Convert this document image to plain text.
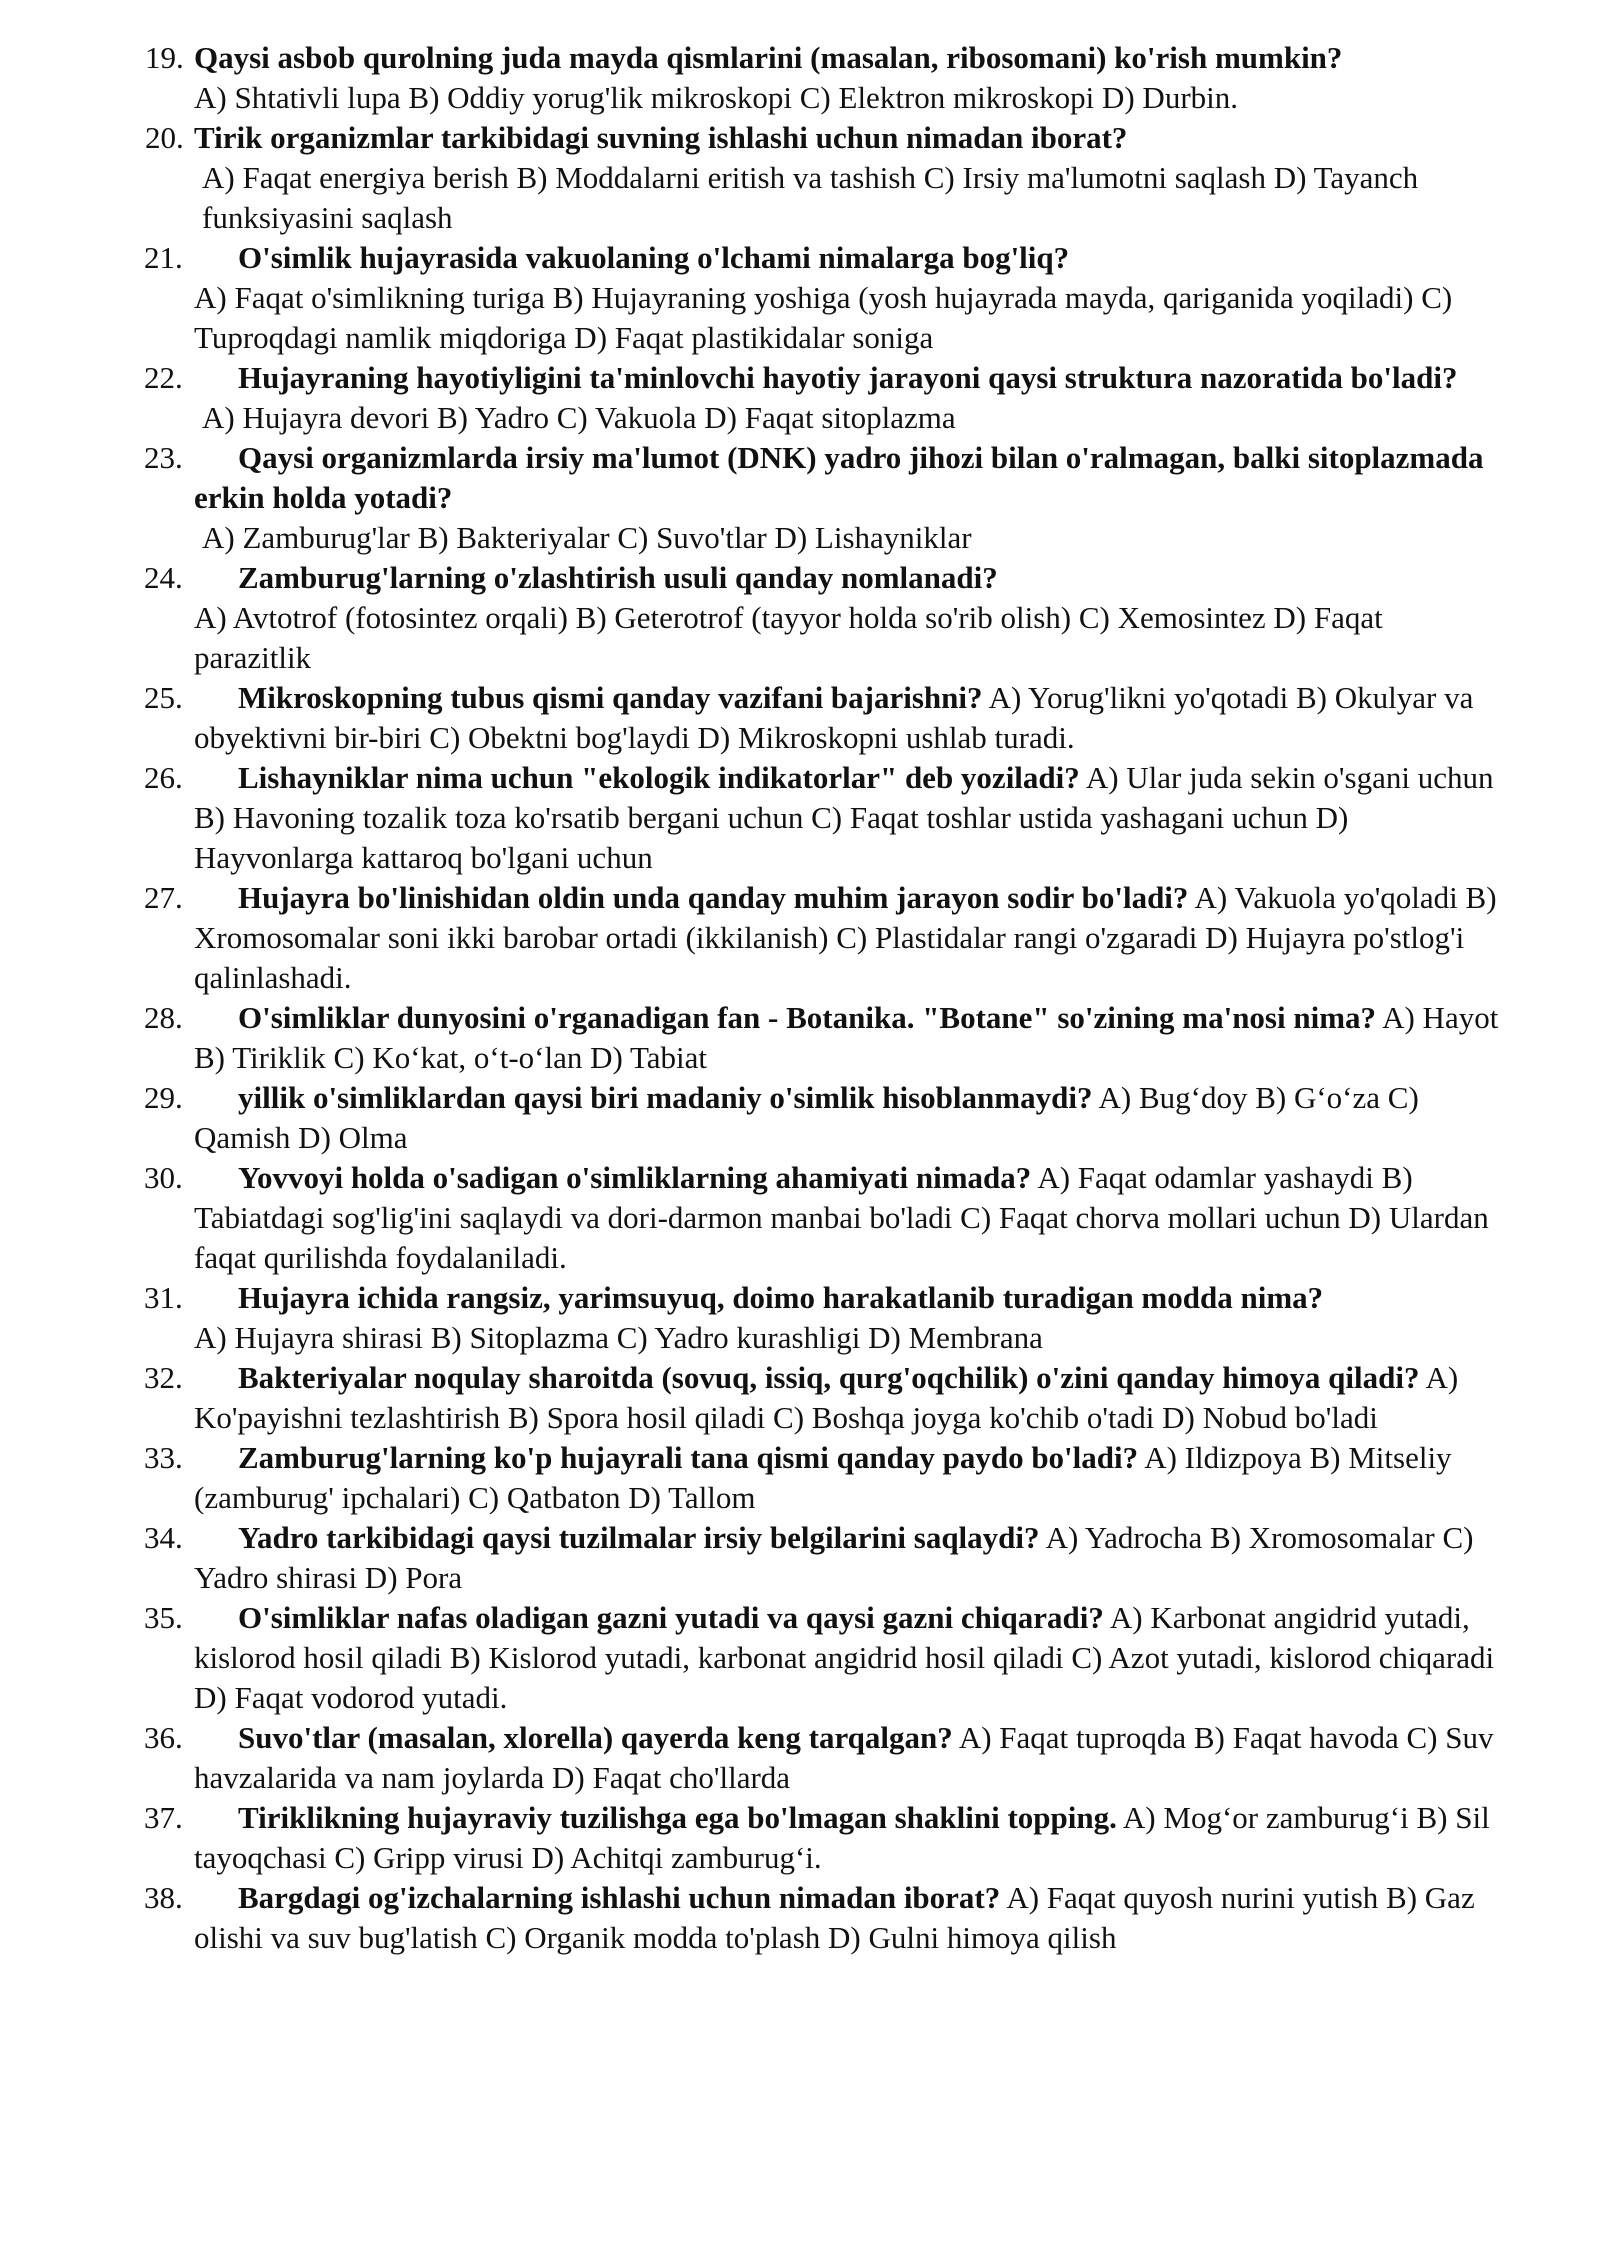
19. Qaysi asbob qurolning juda mayda qismlarini (masalan, ribosomani) ko'rish mumkin?
A) Shtativli lupa B) Oddiy yorug'lik mikroskopi C) Elektron mikroskopi D) Durbin.
20. Tirik organizmlar tarkibidagi suvning ishlashi uchun nimadan iborat?
A) Faqat energiya berish B) Moddalarni eritish va tashish C) Irsiy ma'lumotni saqlash D) Tayanch funksiyasini saqlash
21. O'simlik hujayrasida vakuolaning o'lchami nimalarga bog'liq?
A) Faqat o'simlikning turiga B) Hujayraning yoshiga (yosh hujayrada mayda, qariganida yoqiladi) C) Tuproqdagi namlik miqdoriga D) Faqat plastikidalar soniga
22. Hujayraning hayotiyligini ta'minlovchi hayotiy jarayoni qaysi struktura nazoratida bo'ladi?
A) Hujayra devori B) Yadro C) Vakuola D) Faqat sitoplazma
23. Qaysi organizmlarda irsiy ma'lumot (DNK) yadro jihozi bilan o'ralmagan, balki sitoplazmada erkin holda yotadi?
A) Zamburug'lar B) Bakteriyalar C) Suvo'tlar D) Lishayniklar
24. Zamburug'larning o'zlashtirish usuli qanday nomlanadi?
A) Avtotrof (fotosintez orqali) B) Geterotrof (tayyor holda so'rib olish) C) Xemosintez D) Faqat parazitlik
25. Mikroskopning tubus qismi qanday vazifani bajarishni? A) Yorug'likni yo'qotadi B) Okulyar va obyektivni bir-biri C) Obektni bog'laydi D) Mikroskopni ushlab turadi.
26. Lishayniklar nima uchun "ekologik indikatorlar" deb yoziladi? A) Ular juda sekin o'sgani uchun B) Havoning tozalik toza ko'rsatib bergani uchun C) Faqat toshlar ustida yashagani uchun D) Hayvonlarga kattaroq bo'lgani uchun
27. Hujayra bo'linishidan oldin unda qanday muhim jarayon sodir bo'ladi? A) Vakuola yo'qoladi B) Xromosomalar soni ikki barobar ortadi (ikkilanish) C) Plastidalar rangi o'zgaradi D) Hujayra po'stlog'i qalinlashadi.
28. O'simliklar dunyosini o'rganadigan fan - Botanika. "Botane" so'zining ma'nosi nima? A) Hayot B) Tiriklik C) Ko‘kat, o‘t-o‘lan D) Tabiat
29. yillik o'simliklardan qaysi biri madaniy o'simlik hisoblanmaydi? A) Bug‘doy B) G‘o‘za C) Qamish D) Olma
30. Yovvoyi holda o'sadigan o'simliklarning ahamiyati nimada? A) Faqat odamlar yashaydi B) Tabiatdagi sog'lig'ini saqlaydi va dori-darmon manbai bo'ladi C) Faqat chorva mollari uchun D) Ulardan faqat qurilishda foydalaniladi.
31. Hujayra ichida rangsiz, yarimsuyuq, doimo harakatlanib turadigan modda nima?
A) Hujayra shirasi B) Sitoplazma C) Yadro kurashligi D) Membrana
32. Bakteriyalar noqulay sharoitda (sovuq, issiq, qurg'oqchilik) o'zini qanday himoya qiladi? A) Ko'payishni tezlashtirish B) Spora hosil qiladi C) Boshqa joyga ko'chib o'tadi D) Nobud bo'ladi
33. Zamburug'larning ko'p hujayrali tana qismi qanday paydo bo'ladi? A) Ildizpoya B) Mitseliy (zamburug' ipchalari) C) Qatbaton D) Tallom
34. Yadro tarkibidagi qaysi tuzilmalar irsiy belgilarini saqlaydi? A) Yadrocha B) Xromosomalar C) Yadro shirasi D) Pora
35. O'simliklar nafas oladigan gazni yutadi va qaysi gazni chiqaradi? A) Karbonat angidrid yutadi, kislorod hosil qiladi B) Kislorod yutadi, karbonat angidrid hosil qiladi C) Azot yutadi, kislorod chiqaradi D) Faqat vodorod yutadi.
36. Suvo'tlar (masalan, xlorella) qayerda keng tarqalgan? A) Faqat tuproqda B) Faqat havoda C) Suv havzalarida va nam joylarda D) Faqat cho'llarda
37. Tiriklikning hujayraviy tuzilishga ega bo'lmagan shaklini topping. A) Mog‘or zamburug‘i B) Sil tayoqchasi C) Gripp virusi D) Achitqi zamburug‘i.
38. Bargdagi og'izchalarning ishlashi uchun nimadan iborat? A) Faqat quyosh nurini yutish B) Gaz olishi va suv bug'latish C) Organik modda to'plash D) Gulni himoya qilish
